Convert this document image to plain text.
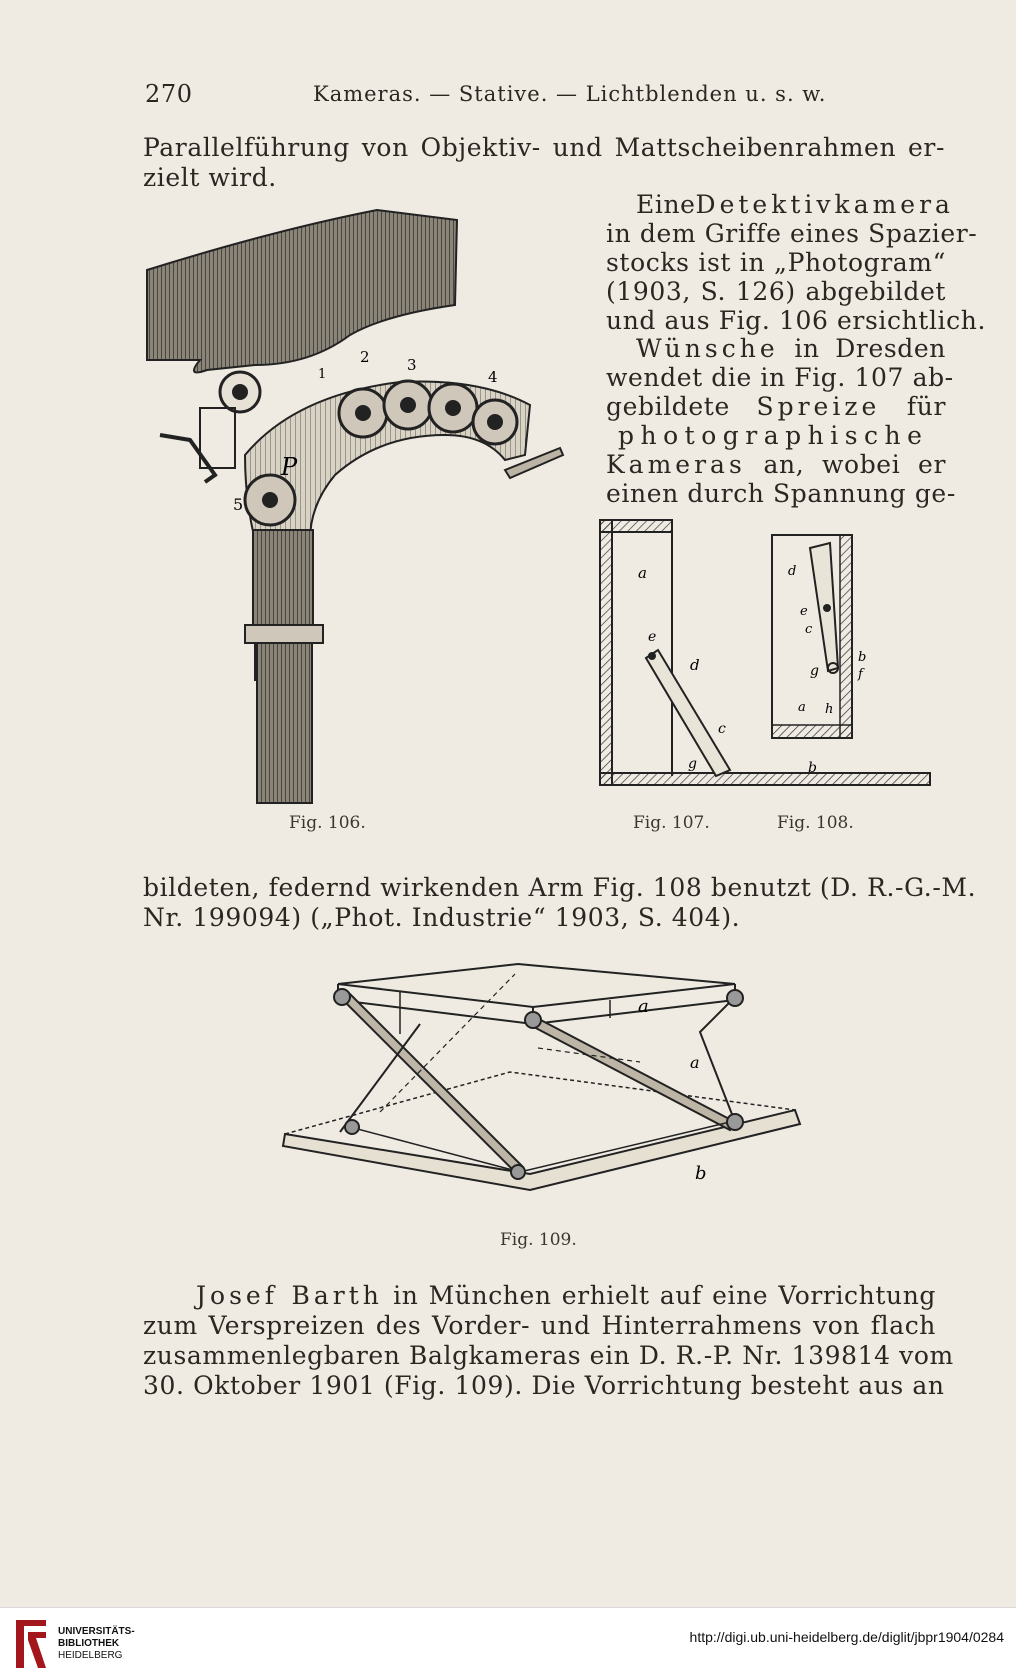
270	Kameras. — Stative. — Lichtblenden u. s. w.
Parallelführung von Objektiv- und Mattscheibenrahmen er-
zielt wird.
EineDetektivkamera
in dem Griffe eines Spazier-
stocks ist in „Photogram“
(1903, S. 126) abgebildet
und aus Fig. 106 ersichtlich.
Wünsche in Dresden
wendet die in Fig. 107 ab-
gebildete Spreize für
photographische
Kameras an, wobei er
einen durch Spannung ge-
1
2 3
4
5
P
Fig. 106.
a
e
d
c
g	b
Fig. 107.
d
e
c
b
f
g
a h
Fig. 108.
bildeten, federnd wirkenden Arm Fig. 108 benutzt (D. R.-G.-M.
Nr. 199094) („Phot. Industrie“ 1903, S. 404).
a
a
b
Fig. 109.
Josef Barth in München erhielt auf eine Vorrichtung
zum Verspreizen des Vorder- und Hinterrahmens von flach
zusammenlegbaren Balgkameras ein D. R.-P. Nr. 139814 vom
30. Oktober 1901 (Fig. 109). Die Vorrichtung besteht aus an
UNIVERSITÄTS-
BIBLIOTHEK
HEIDELBERG
http://digi.ub.uni-heidelberg.de/diglit/jbpr1904/0284
